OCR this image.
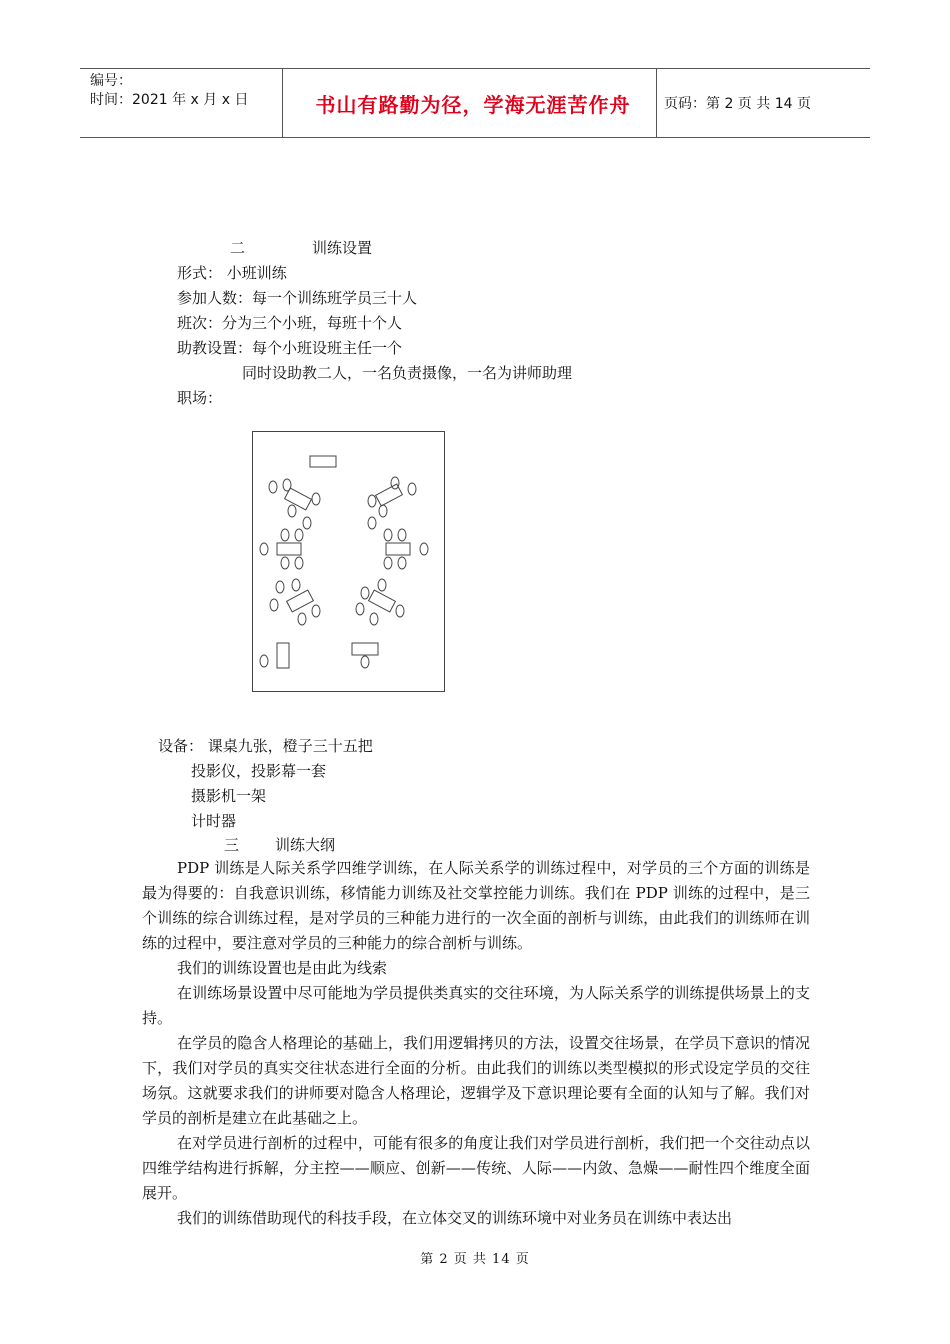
编号：
时间：2021 年 x 月 x 日	书山有路勤为径，学海无涯苦作舟	页码：第 2 页 共 14 页
二	训练设置
形式： 小班训练
参加人数：每一个训练班学员三十人
班次：分为三个小班，每班十个人
助教设置：每个小班设班主任一个
同时设助教二人，一名负责摄像，一名为讲师助理
职场：
设备： 课桌九张，橙子三十五把
投影仪，投影幕一套
摄影机一架
计时器
三 训练大纲
PDP 训练是人际关系学四维学训练，在人际关系学的训练过程中，对学员的三个方面的训练是最为得要的：自我意识训练，移情能力训练及社交掌控能力训练。我们在 PDP 训练的过程中，是三个训练的综合训练过程，是对学员的三种能力进行的一次全面的剖析与训练，由此我们的训练师在训练的过程中，要注意对学员的三种能力的综合剖析与训练。
我们的训练设置也是由此为线索
在训练场景设置中尽可能地为学员提供类真实的交往环境，为人际关系学的训练提供场景上的支持。
在学员的隐含人格理论的基础上，我们用逻辑拷贝的方法，设置交往场景，在学员下意识的情况下，我们对学员的真实交往状态进行全面的分析。由此我们的训练以类型模拟的形式设定学员的交往场氛。这就要求我们的讲师要对隐含人格理论，逻辑学及下意识理论要有全面的认知与了解。我们对学员的剖析是建立在此基础之上。
在对学员进行剖析的过程中，可能有很多的角度让我们对学员进行剖析，我们把一个交往动点以四维学结构进行拆解，分主控——顺应、创新——传统、人际——内敛、急燥——耐性四个维度全面展开。
我们的训练借助现代的科技手段，在立体交叉的训练环境中对业务员在训练中表达出
第 2 页 共 14 页
